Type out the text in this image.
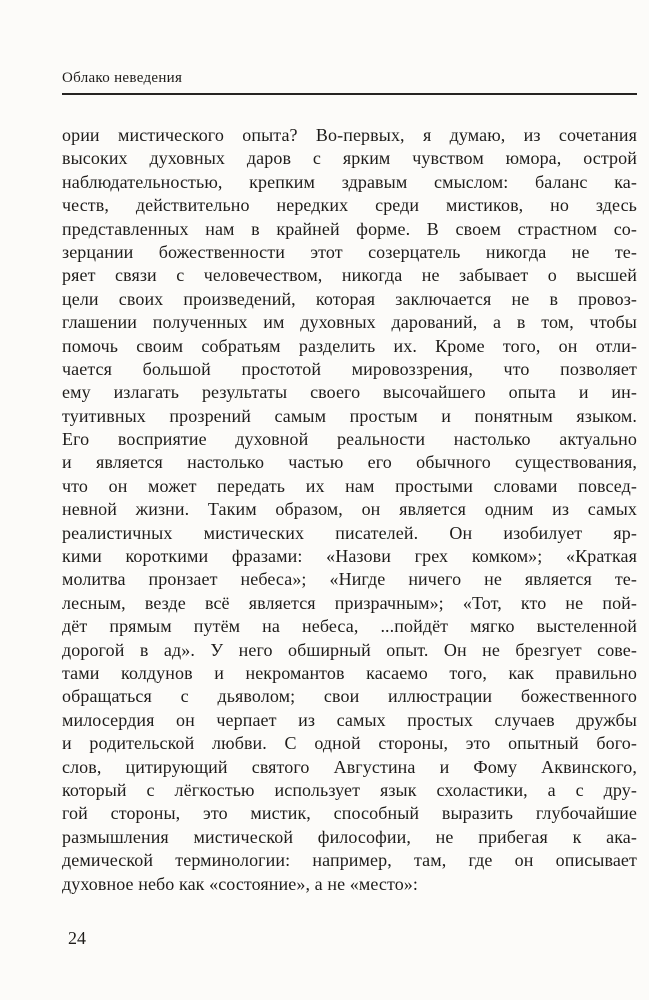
Облако неведения
ории мистического опыта? Во-первых, я думаю, из сочетания
высоких духовных даров с ярким чувством юмора, острой
наблюдательностью, крепким здравым смыслом: баланс ка-
честв, действительно нередких среди мистиков, но здесь
представленных нам в крайней форме. В своем страстном со-
зерцании божественности этот созерцатель никогда не те-
ряет связи с человечеством, никогда не забывает о высшей
цели своих произведений, которая заключается не в провоз-
глашении полученных им духовных дарований, а в том, чтобы
помочь своим собратьям разделить их. Кроме того, он отли-
чается большой простотой мировоззрения, что позволяет
ему излагать результаты своего высочайшего опыта и ин-
туитивных прозрений самым простым и понятным языком.
Его восприятие духовной реальности настолько актуально
и является настолько частью его обычного существования,
что он может передать их нам простыми словами повсед-
невной жизни. Таким образом, он является одним из самых
реалистичных мистических писателей. Он изобилует яр-
кими короткими фразами: «Назови грех комком»; «Краткая
молитва пронзает небеса»; «Нигде ничего не является те-
лесным, везде всё является призрачным»; «Тот, кто не пой-
дёт прямым путём на небеса, ...пойдёт мягко выстеленной
дорогой в ад». У него обширный опыт. Он не брезгует сове-
тами колдунов и некромантов касаемо того, как правильно
обращаться с дьяволом; свои иллюстрации божественного
милосердия он черпает из самых простых случаев дружбы
и родительской любви. С одной стороны, это опытный бого-
слов, цитирующий святого Августина и Фому Аквинского,
который с лёгкостью использует язык схоластики, а с дру-
гой стороны, это мистик, способный выразить глубочайшие
размышления мистической философии, не прибегая к ака-
демической терминологии: например, там, где он описывает
духовное небо как «состояние», а не «место»:
24
